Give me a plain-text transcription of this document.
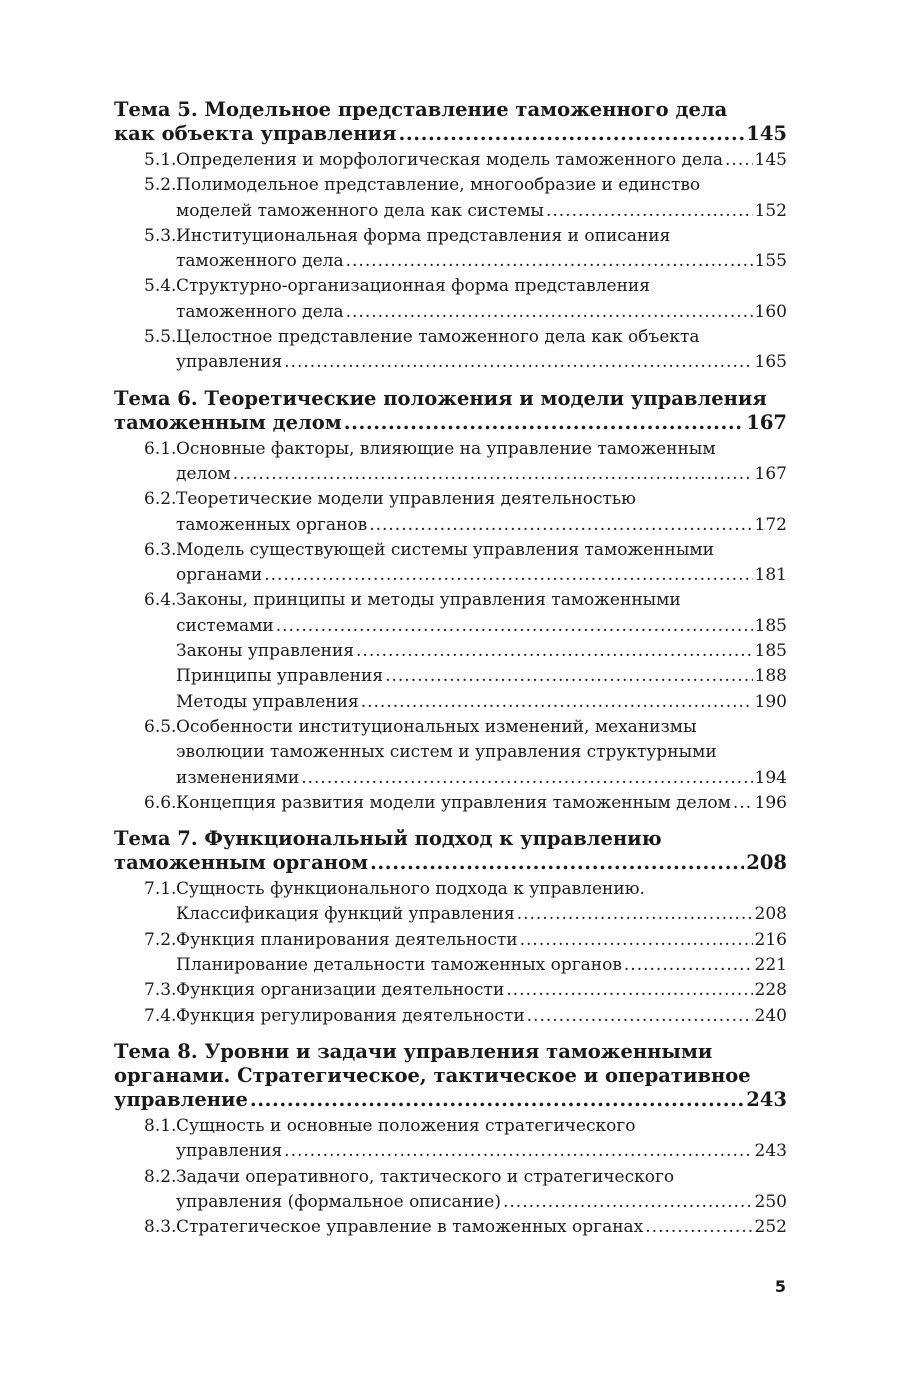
Тема 5. Модельное представление таможенного дела
как объекта управления .....	145
5.1. Определения и морфологическая модель таможенного дела ..... 145
5.2. Полимодельное представление, многообразие и единство
моделей таможенного дела как системы .....	152
5.3. Институциональная форма представления и описания
таможенного дела .....	155
5.4. Структурно-организационная форма представления
таможенного дела .....	160
5.5. Целостное представление таможенного дела как объекта
управления .....	165
Тема 6. Теоретические положения и модели управления
таможенным делом .....	167
6.1. Основные факторы, влияющие на управление таможенным
делом .....	167
6.2. Теоретические модели управления деятельностью
таможенных органов .....	172
6.3. Модель существующей системы управления таможенными
органами .....	181
6.4. Законы, принципы и методы управления таможенными
системами .....	185
Законы управления .....	185
Принципы управления .....	188
Методы управления .....	190
6.5. Особенности институциональных изменений, механизмы
эволюции таможенных систем и управления структурными
изменениями .....	194
6.6. Концепция развития модели управления таможенным делом ..... 196
Тема 7. Функциональный подход к управлению
таможенным органом .....	208
7.1. Сущность функционального подхода к управлению.
Классификация функций управления .....	208
7.2. Функция планирования деятельности .....	216
Планирование детальности таможенных органов .....	221
7.3. Функция организации деятельности .....	228
7.4. Функция регулирования деятельности .....	240
Тема 8. Уровни и задачи управления таможенными
органами. Стратегическое, тактическое и оперативное
управление .....	243
8.1. Сущность и основные положения стратегического
управления .....	243
8.2. Задачи оперативного, тактического и стратегического
управления (формальное описание) .....	250
8.3. Стратегическое управление в таможенных органах .....	252
5
